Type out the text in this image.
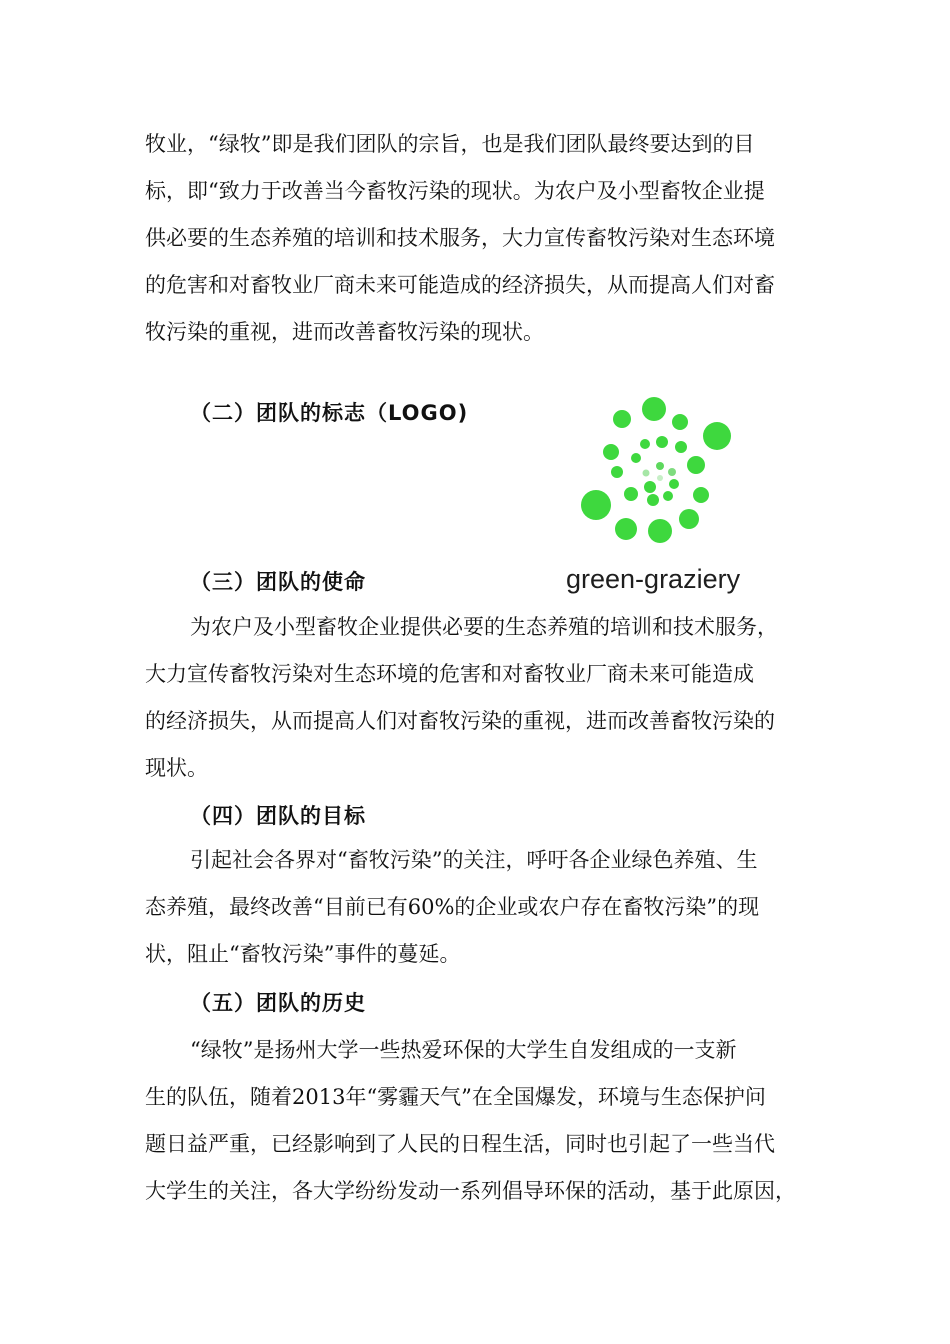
牧业，“绿牧”即是我们团队的宗旨，也是我们团队最终要达到的目
标，即“致力于改善当今畜牧污染的现状。为农户及小型畜牧企业提
供必要的生态养殖的培训和技术服务，大力宣传畜牧污染对生态环境
的危害和对畜牧业厂商未来可能造成的经济损失，从而提高人们对畜
牧污染的重视，进而改善畜牧污染的现状。
（二）团队的标志（LOGO)
green-graziery
（三）团队的使命
为农户及小型畜牧企业提供必要的生态养殖的培训和技术服务，
大力宣传畜牧污染对生态环境的危害和对畜牧业厂商未来可能造成
的经济损失，从而提高人们对畜牧污染的重视，进而改善畜牧污染的
现状。
（四）团队的目标
引起社会各界对“畜牧污染”的关注，呼吁各企业绿色养殖、生
态养殖，最终改善“目前已有60%的企业或农户存在畜牧污染”的现
状，阻止“畜牧污染”事件的蔓延。
（五）团队的历史
“绿牧”是扬州大学一些热爱环保的大学生自发组成的一支新
生的队伍，随着2013年“雾霾天气”在全国爆发，环境与生态保护问
题日益严重，已经影响到了人民的日程生活，同时也引起了一些当代
大学生的关注，各大学纷纷发动一系列倡导环保的活动，基于此原因，
